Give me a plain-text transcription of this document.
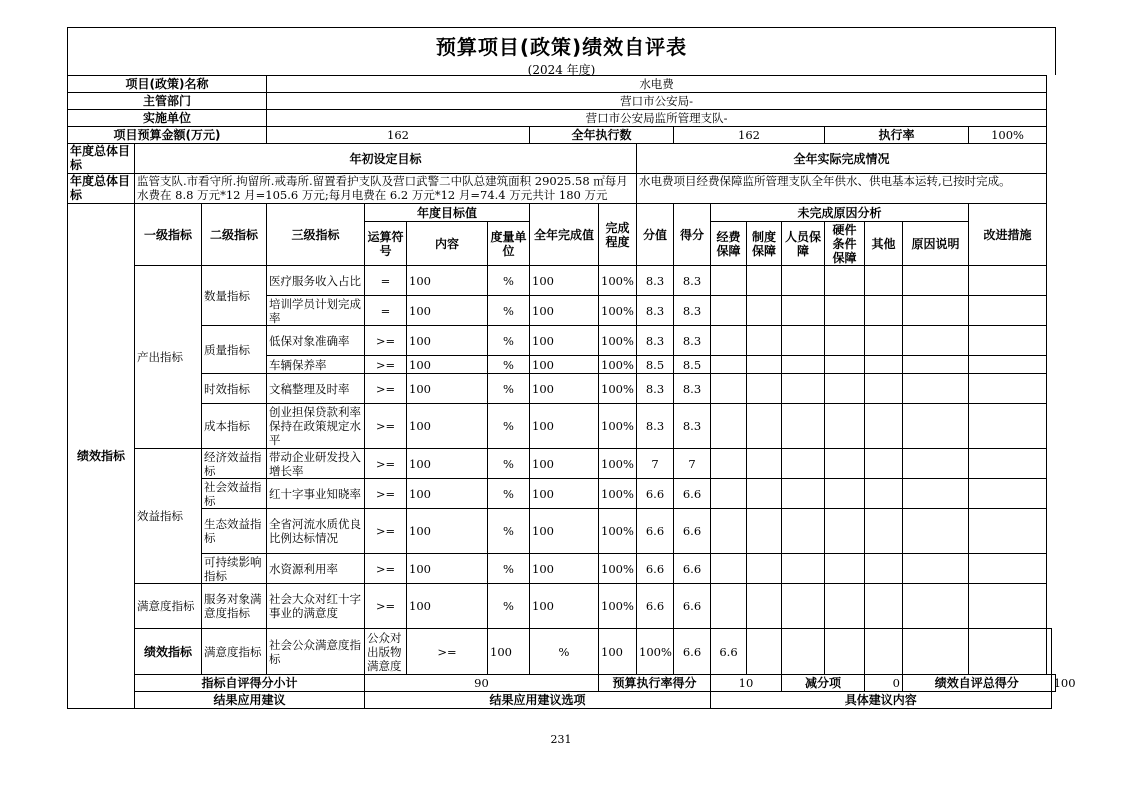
预算项目(政策)绩效自评表
(2024 年度)
项目(政策)名称			水电费																
主管部门			营口市公安局-																
实施单位			营口市公安局监所管理支队-																
项目预算金额(万元)			162				全年执行数			162				执行率			100%		
年度总体目标	年初设定目标								全年实际完成情况										
年度总体目标	监管支队.市看守所.拘留所.戒毒所.留置看护支队及营口武警二中队总建筑面积 29025.58 ㎡每月水费在 8.8 万元*12 月=105.6 万元;每月电费在 6.2 万元*12 月=74.4 万元共计 180 万元								水电费项目经费保障监所管理支队全年供水、供电基本运转,已按时完成。										
绩效指标	一级指标	二级指标	三级指标	年度目标值			全年完成值	完成程度	分值	得分	未完成原因分析						改进措施		
				运算符号	内容	度量单位					经费保障	制度保障	人员保障	硬件条件保障	其他	原因说明			

	产出指标	数量指标	医疗服务收入占比	=	100	%	100	100%	8.3	8.3									
			培训学员计划完成率	=	100	%	100	100%	8.3	8.3									
		质量指标	低保对象准确率	>=	100	%	100	100%	8.3	8.3									
			车辆保养率	>=	100	%	100	100%	8.5	8.5									
		时效指标	文稿整理及时率	>=	100	%	100	100%	8.3	8.3									
		成本指标	创业担保贷款利率保持在政策规定水平	>=	100	%	100	100%	8.3	8.3									
	效益指标	经济效益指标	带动企业研发投入增长率	>=	100	%	100	100%	7	7									
		社会效益指标	红十字事业知晓率	>=	100	%	100	100%	6.6	6.6									
		生态效益指标	全省河流水质优良比例达标情况	>=	100	%	100	100%	6.6	6.6									
		可持续影响指标	水资源利用率	>=	100	%	100	100%	6.6	6.6									
	满意度指标	服务对象满意度指标	社会大众对红十字事业的满意度	>=	100	%	100	100%	6.6	6.6									
	绩效指标	满意度指标	社会公众满意度指标	公众对出版物满意度	>=	100	%	100	100%	6.6	6.6								
	指标自评得分小计			90				预算执行率得分			10		减分项		0	绩效自评总得分			100
	结果应用建议			结果应用建议选项							具体建议内容								
231
